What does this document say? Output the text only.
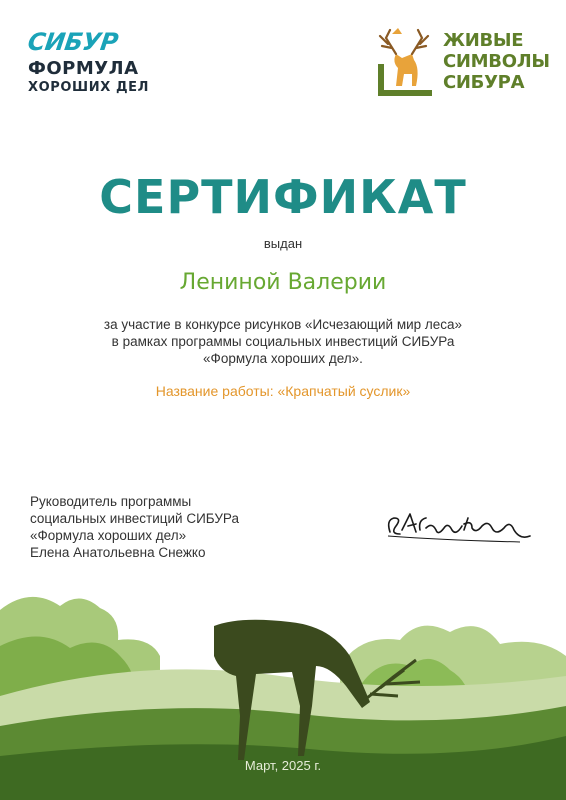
СИБУР
ФОРМУЛА
ХОРОШИХ ДЕЛ
ЖИВЫЕ
СИМВОЛЫ
СИБУРА
СЕРТИФИКАТ
выдан
Лениной Валерии
за участие в конкурсе рисунков «Исчезающий мир леса»
в рамках программы социальных инвестиций СИБУРа
«Формула хороших дел».
Название работы: «Крапчатый суслик»
Руководитель программы
социальных инвестиций СИБУРа
«Формула хороших дел»
Елена Анатольевна Снежко
Март, 2025 г.
